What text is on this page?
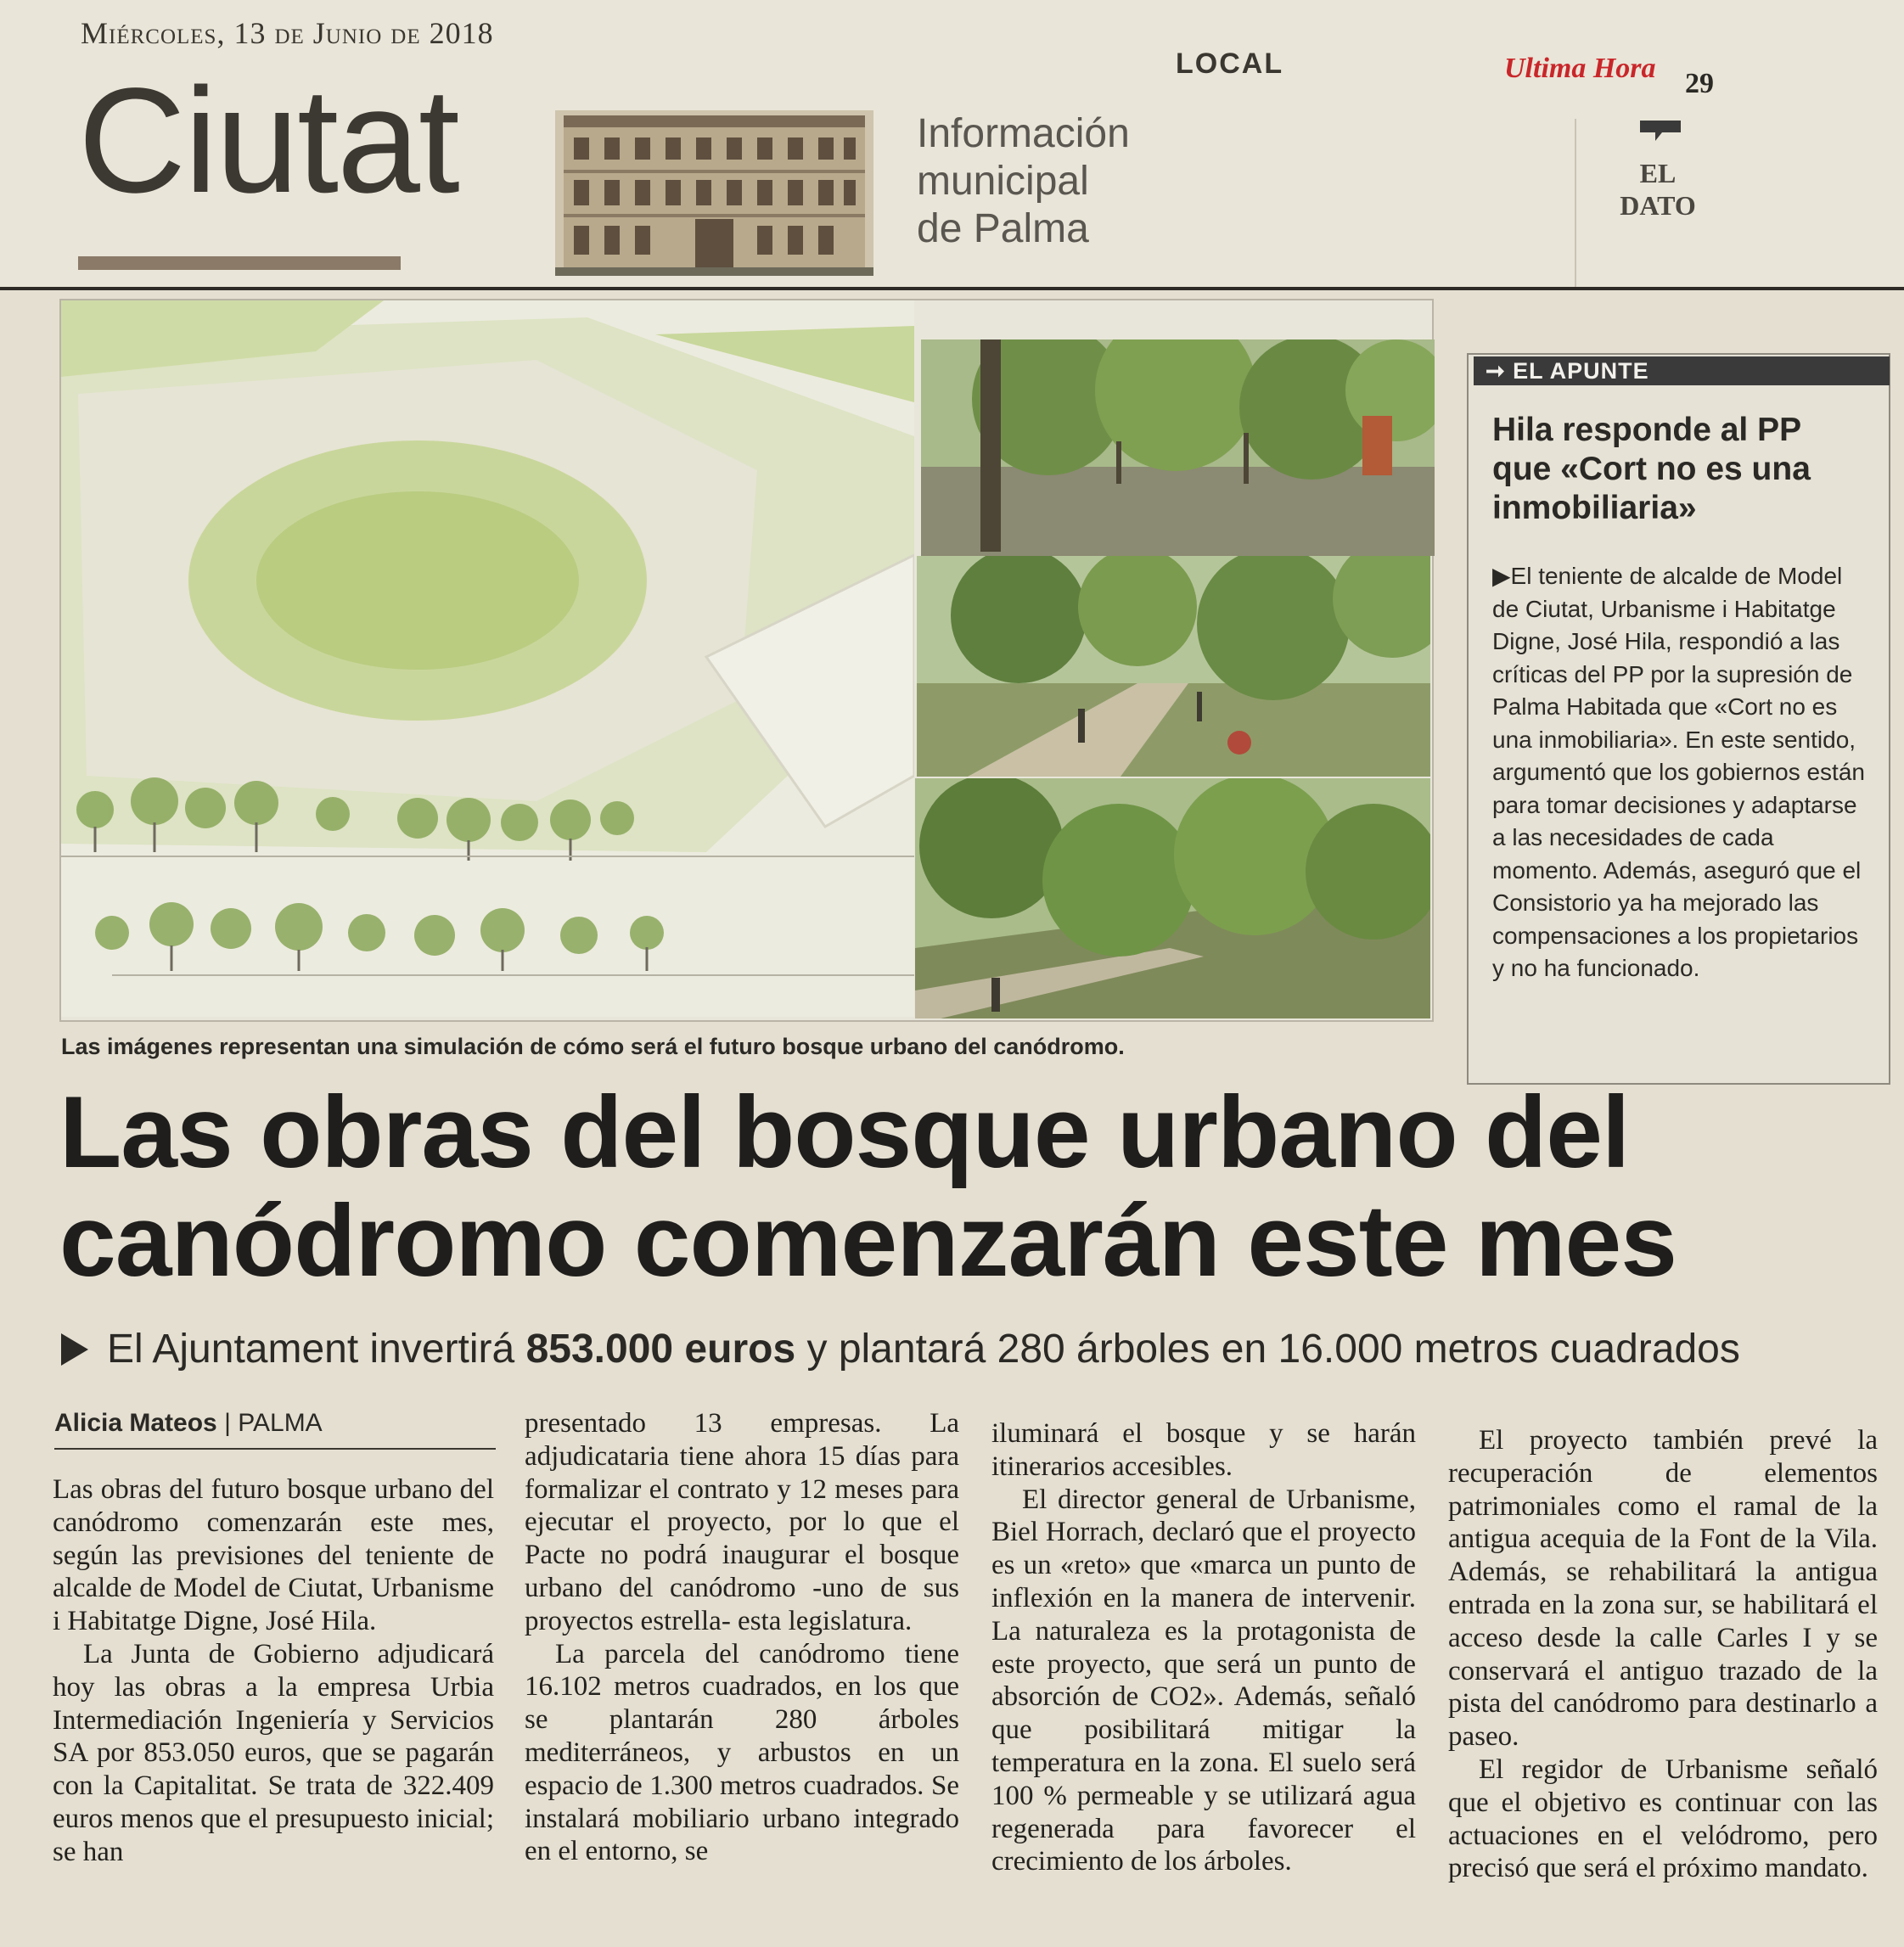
Miércoles, 13 de Junio de 2018
LOCAL	Ultima Hora 29
Ciutat	Información
municipal
de Palma
EL
DATO
Las imágenes representan una simulación de cómo será el futuro bosque urbano del canódromo.
➞ EL APUNTE
Hila responde al PP que «Cort no es una inmobiliaria»
▶El teniente de alcalde de Model de Ciutat, Urbanisme i Habitatge Digne, José Hila, respondió a las críticas del PP por la supresión de Palma Habitada que «Cort no es una inmobiliaria». En este sentido, argumentó que los gobiernos están para tomar decisiones y adaptarse a las necesidades de cada momento. Además, aseguró que el Consistorio ya ha mejorado las compensaciones a los propietarios y no ha funcionado.
Las obras del bosque urbano del
canódromo comenzarán este mes
El Ajuntament invertirá 853.000 euros y plantará 280 árboles en 16.000 metros cuadrados
Alicia Mateos | PALMA

Las obras del futuro bosque urbano del canódromo comenzarán este mes, según las previsiones del teniente de alcalde de Model de Ciutat, Urbanisme i Habitatge Digne, José Hila.

La Junta de Gobierno adjudicará hoy las obras a la empresa Urbia Intermediación Ingeniería y Servicios SA por 853.050 euros, que se pagarán con la Capitalitat. Se trata de 322.409 euros menos que el presupuesto inicial; se han

presentado 13 empresas. La adjudicataria tiene ahora 15 días para formalizar el contrato y 12 meses para ejecutar el proyecto, por lo que el Pacte no podrá inaugurar el bosque urbano del canódromo -uno de sus proyectos estrella- esta legislatura.

La parcela del canódromo tiene 16.102 metros cuadrados, en los que se plantarán 280 árboles mediterráneos, y arbustos en un espacio de 1.300 metros cuadrados. Se instalará mobiliario urbano integrado en el entorno, se

iluminará el bosque y se harán itinerarios accesibles.

El director general de Urbanisme, Biel Horrach, declaró que el proyecto es un «reto» que «marca un punto de inflexión en la manera de intervenir. La naturaleza es la protagonista de este proyecto, que será un punto de absorción de CO2». Además, señaló que posibilitará mitigar la temperatura en la zona. El suelo será 100 % permeable y se utilizará agua regenerada para favorecer el crecimiento de los árboles.

El proyecto también prevé la recuperación de elementos patrimoniales como el ramal de la antigua acequia de la Font de la Vila. Además, se rehabilitará la antigua entrada en la zona sur, se habilitará el acceso desde la calle Carles I y se conservará el antiguo trazado de la pista del canódromo para destinarlo a paseo.

El regidor de Urbanisme señaló que el objetivo es continuar con las actuaciones en el velódromo, pero precisó que será el próximo mandato.
